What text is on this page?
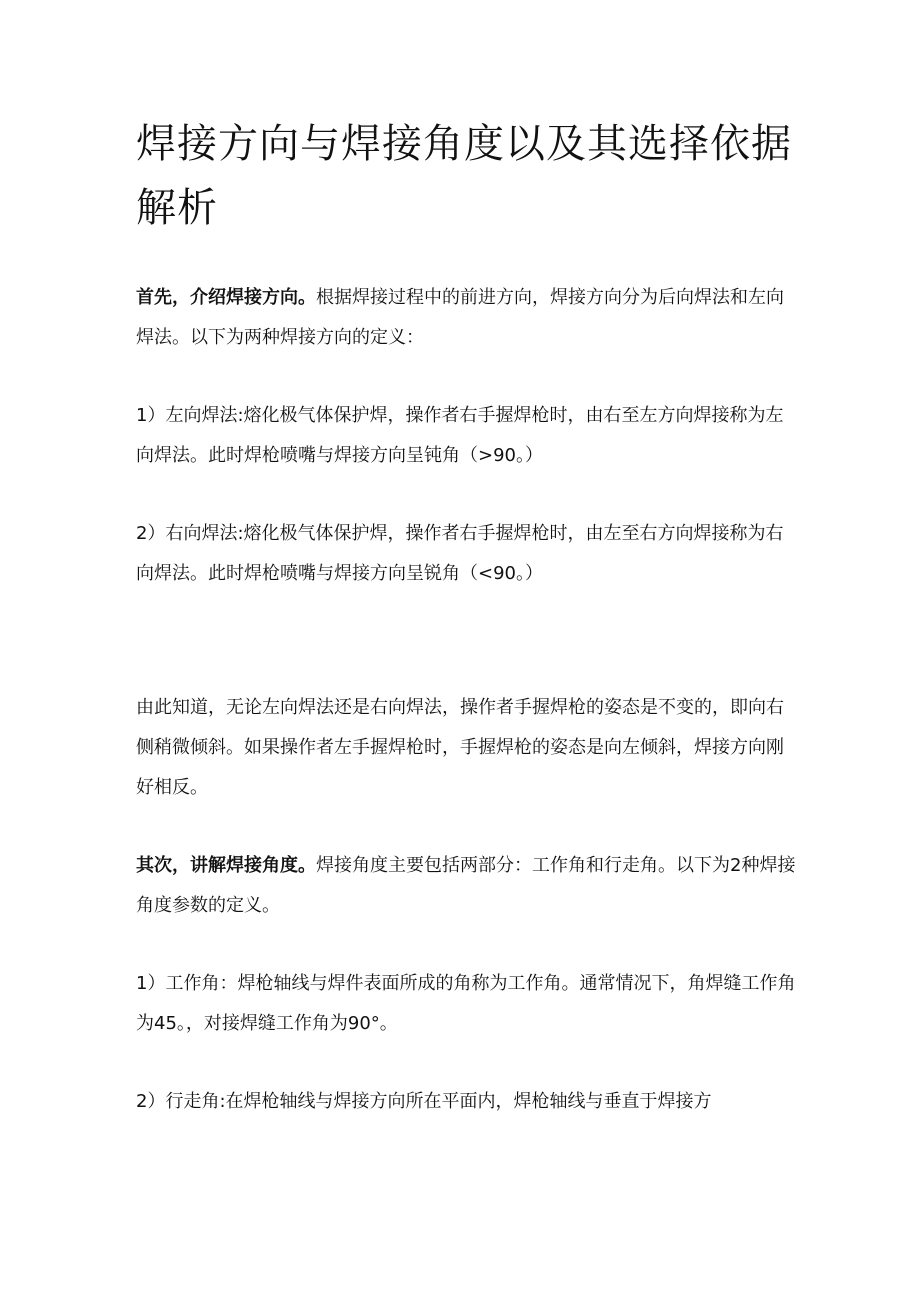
焊接方向与焊接角度以及其选择依据解析

首先，介绍焊接方向。根据焊接过程中的前进方向，焊接方向分为后向焊法和左向焊法。以下为两种焊接方向的定义：

1）左向焊法:熔化极气体保护焊，操作者右手握焊枪时，由右至左方向焊接称为左向焊法。此时焊枪喷嘴与焊接方向呈钝角（>90。）

2）右向焊法:熔化极气体保护焊，操作者右手握焊枪时，由左至右方向焊接称为右向焊法。此时焊枪喷嘴与焊接方向呈锐角（<90。）

由此知道，无论左向焊法还是右向焊法，操作者手握焊枪的姿态是不变的，即向右侧稍微倾斜。如果操作者左手握焊枪时，手握焊枪的姿态是向左倾斜，焊接方向刚好相反。

其次，讲解焊接角度。焊接角度主要包括两部分：工作角和行走角。以下为2种焊接角度参数的定义。

1）工作角：焊枪轴线与焊件表面所成的角称为工作角。通常情况下，角焊缝工作角为45。，对接焊缝工作角为90°。

2）行走角:在焊枪轴线与焊接方向所在平面内，焊枪轴线与垂直于焊接方
